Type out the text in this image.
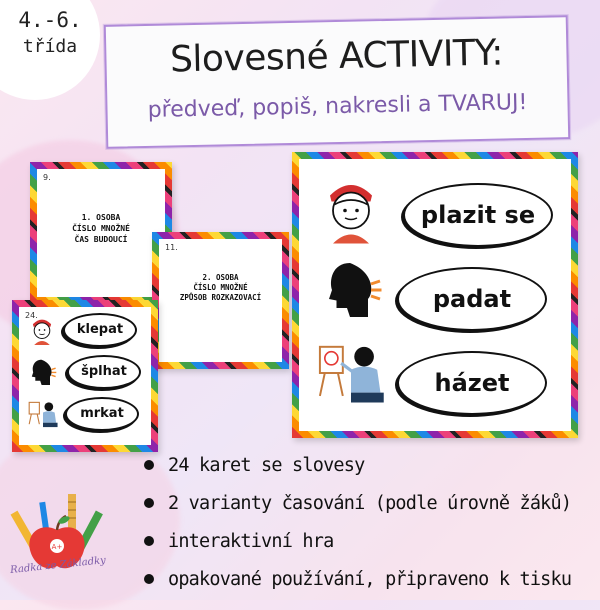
4.-6.
třída	Slovesné ACTIVITY:
předveď, popiš, nakresli a TVARUJ!
9.
1. OSOBA
ČÍSLO MNOŽNÉ
ČAS BUDOUCÍ
11.
2. OSOBA
ČÍSLO MNOŽNÉ
ZPŮSOB ROZKAZOVACÍ
24.
klepat
šplhat
mrkat
plazit se
padat
házet
24 karet se slovesy
2 varianty časování (podle úrovně žáků)
interaktivní hra
opakované používání, připraveno k tisku
A+
Radka ze Základky
